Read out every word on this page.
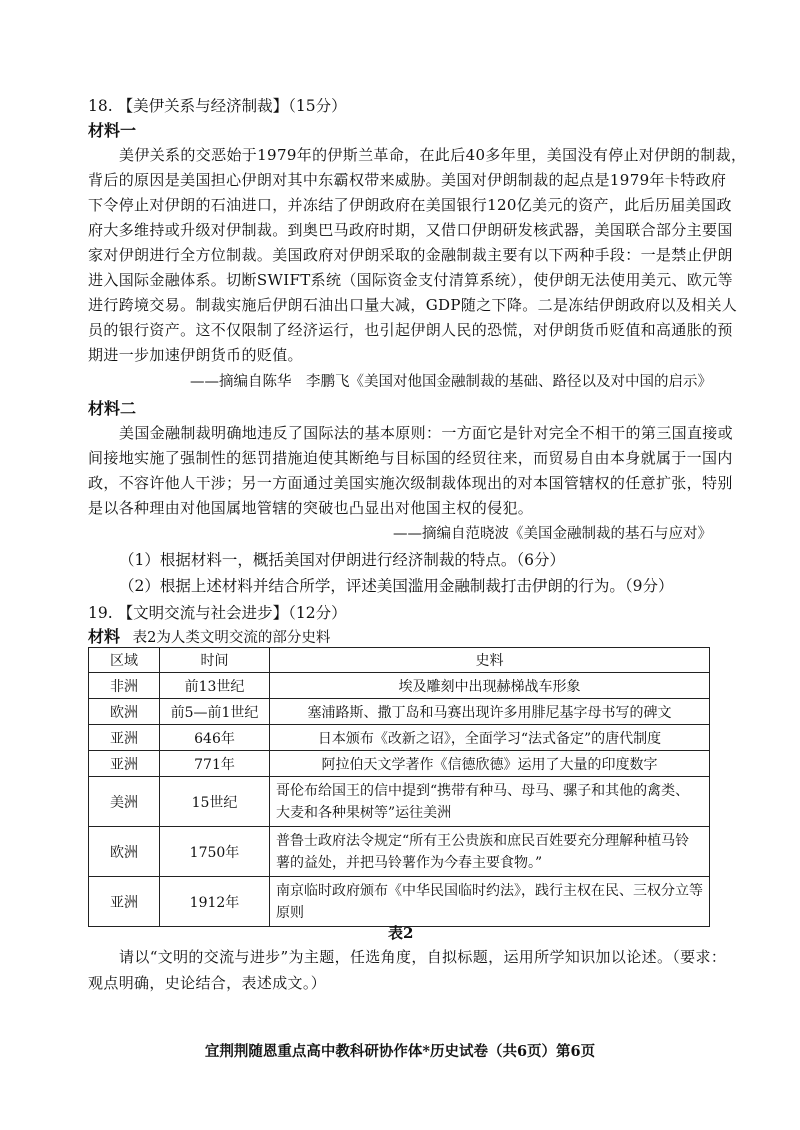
18. 【美伊关系与经济制裁】（15分）
材料一
美伊关系的交恶始于1979年的伊斯兰革命，在此后40多年里，美国没有停止对伊朗的制裁，
背后的原因是美国担心伊朗对其中东霸权带来威胁。美国对伊朗制裁的起点是1979年卡特政府
下令停止对伊朗的石油进口，并冻结了伊朗政府在美国银行120亿美元的资产，此后历届美国政
府大多维持或升级对伊制裁。到奥巴马政府时期，又借口伊朗研发核武器，美国联合部分主要国
家对伊朗进行全方位制裁。美国政府对伊朗采取的金融制裁主要有以下两种手段：一是禁止伊朗
进入国际金融体系。切断SWIFT系统（国际资金支付清算系统），使伊朗无法使用美元、欧元等
进行跨境交易。制裁实施后伊朗石油出口量大减，GDP随之下降。二是冻结伊朗政府以及相关人
员的银行资产。这不仅限制了经济运行，也引起伊朗人民的恐慌，对伊朗货币贬值和高通胀的预
期进一步加速伊朗货币的贬值。
——摘编自陈华　李鹏飞《美国对他国金融制裁的基础、路径以及对中国的启示》
材料二
美国金融制裁明确地违反了国际法的基本原则：一方面它是针对完全不相干的第三国直接或
间接地实施了强制性的惩罚措施迫使其断绝与目标国的经贸往来，而贸易自由本身就属于一国内
政，不容许他人干涉；另一方面通过美国实施次级制裁体现出的对本国管辖权的任意扩张，特别
是以各种理由对他国属地管辖的突破也凸显出对他国主权的侵犯。
——摘编自范晓波《美国金融制裁的基石与应对》
（1）根据材料一，概括美国对伊朗进行经济制裁的特点。（6分）
（2）根据上述材料并结合所学，评述美国滥用金融制裁打击伊朗的行为。（9分）
19. 【文明交流与社会进步】（12分）
材料 表2为人类文明交流的部分史料
区域	时间	史料
非洲	前13世纪	埃及雕刻中出现赫梯战车形象
欧洲	前5—前1世纪	塞浦路斯、撒丁岛和马赛出现许多用腓尼基字母书写的碑文
亚洲	646年	日本颁布《改新之诏》，全面学习“法式备定”的唐代制度
亚洲	771年	阿拉伯天文学著作《信德欣德》运用了大量的印度数字
美洲	15世纪	哥伦布给国王的信中提到“携带有种马、母马、骡子和其他的禽类、大麦和各种果树等”运往美洲
欧洲	1750年	普鲁士政府法令规定“所有王公贵族和庶民百姓要充分理解种植马铃薯的益处，并把马铃薯作为今春主要食物。”
亚洲	1912年	南京临时政府颁布《中华民国临时约法》，践行主权在民、三权分立等原则
表2
请以“文明的交流与进步”为主题，任选角度，自拟标题，运用所学知识加以论述。（要求：
观点明确，史论结合，表述成文。）
宜荆荆随恩重点高中教科研协作体*历史试卷（共6页）第6页
